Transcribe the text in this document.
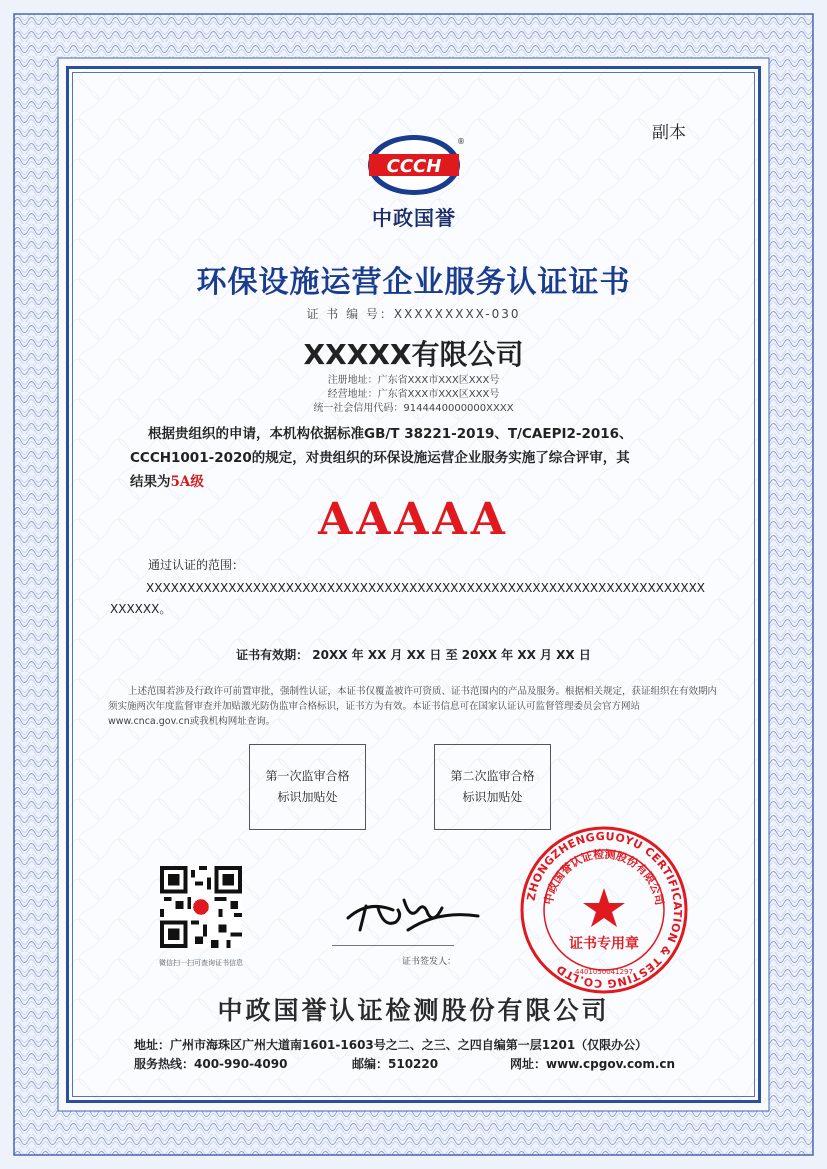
副本
CCCH
®
中政国誉
环保设施运营企业服务认证证书
证 书 编 号：XXXXXXXXX-030
XXXXX有限公司
注册地址：广东省XXX市XXX区XXX号
经营地址：广东省XXX市XXX区XXX号
统一社会信用代码：9144440000000XXXX
根据贵组织的申请，本机构依据标准GB/T 38221-2019、T/CAEPI2-2016、
CCCH1001-2020的规定，对贵组织的环保设施运营企业服务实施了综合评审，其
结果为5A级
AAAAA
通过认证的范围：
XXXXXXXXXXXXXXXXXXXXXXXXXXXXXXXXXXXXXXXXXXXXXXXXXXXXXXXXXXXXXXXXXXXXXXXXXX。
证书有效期： 20XX 年 XX 月 XX 日 至 20XX 年 XX 月 XX 日
上述范围若涉及行政许可前置审批，强制性认证，本证书仅覆盖被许可资质、证书范围内的产品及服务。根据相关规定，获证组织在有效期内须实施两次年度监督审查并加贴激光防伪监审合格标识，证书方为有效。本证书信息可在国家认证认可监督管理委员会官方网站www.cnca.gov.cn或我机构网址查询。
第一次监审合格
标识加贴处
第二次监审合格
标识加贴处
微信扫一扫可查询证书信息	证书签发人：
ZHONGZHENGGUOYU CERTIFICATION & TESTING CO.LTD
中政国誉认证检测股份有限公司
证书专用章
4401050041297
中政国誉认证检测股份有限公司
地址：广州市海珠区广州大道南1601-1603号之二、之三、之四自编第一层1201（仅限办公）
服务热线：400-990-4090	邮编：510220	网址：www.cpgov.com.cn
